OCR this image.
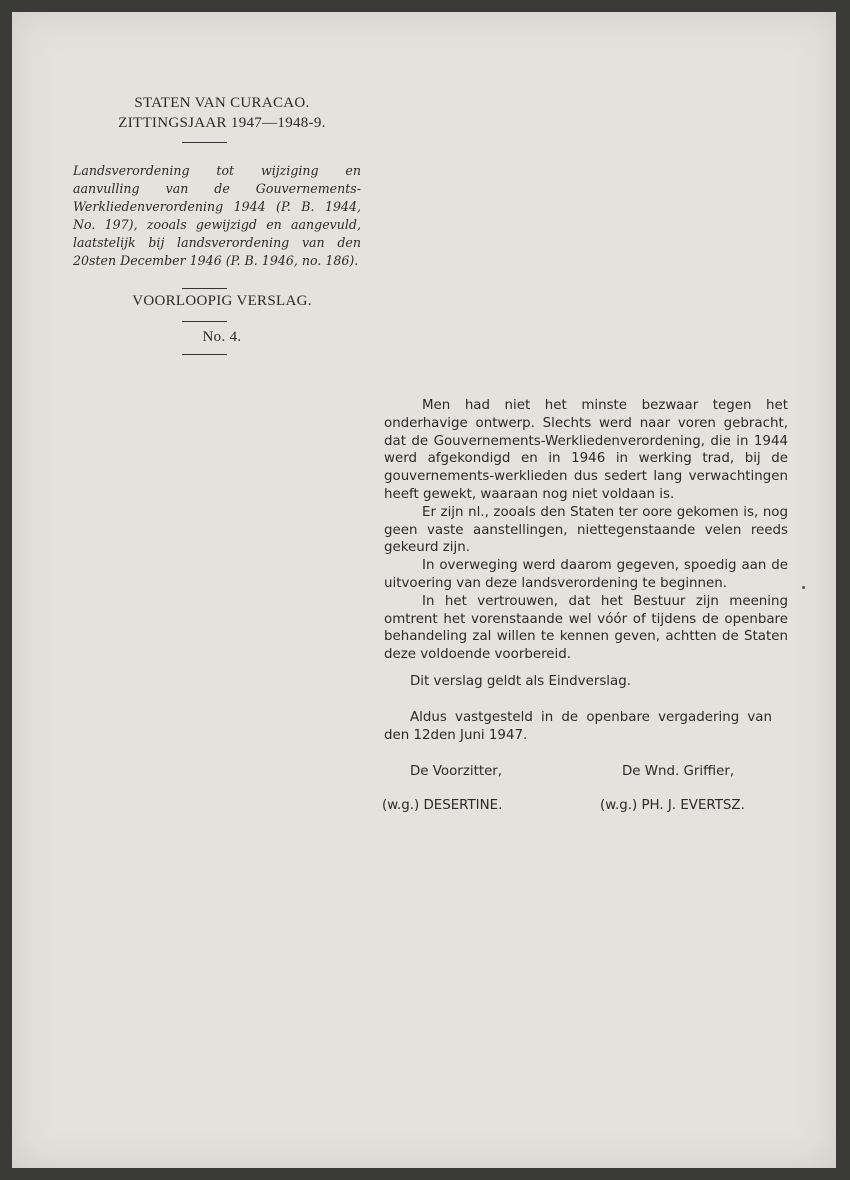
STATEN VAN CURACAO.
ZITTINGSJAAR 1947—1948-9.
Landsverordening tot wijziging en aanvulling van de Gouvernements-Werkliedenverordening 1944 (P. B. 1944, No. 197), zooals gewijzigd en aangevuld, laatstelijk bij landsverordening van den 20sten December 1946 (P. B. 1946, no. 186).
VOORLOOPIG VERSLAG.
No. 4.

Men had niet het minste bezwaar tegen het onderhavige ontwerp. Slechts werd naar voren gebracht, dat de Gouvernements-Werkliedenverordening, die in 1944 werd afgekondigd en in 1946 in werking trad, bij de gouvernements-werklieden dus sedert lang verwachtingen heeft gewekt, waaraan nog niet voldaan is.

Er zijn nl., zooals den Staten ter oore gekomen is, nog geen vaste aanstellingen, niettegenstaande velen reeds gekeurd zijn.

In overweging werd daarom gegeven, spoedig aan de uitvoering van deze landsverordening te beginnen.

In het vertrouwen, dat het Bestuur zijn meening omtrent het vorenstaande wel vóór of tijdens de openbare behandeling zal willen te kennen geven, achtten de Staten deze voldoende voorbereid.

Dit verslag geldt als Eindverslag.
Aldus vastgesteld in de openbare vergadering van
den 12den Juni 1947.
De Voorzitter,	De Wnd. Griffier,
(w.g.) DESERTINE.	(w.g.) PH. J. EVERTSZ.
